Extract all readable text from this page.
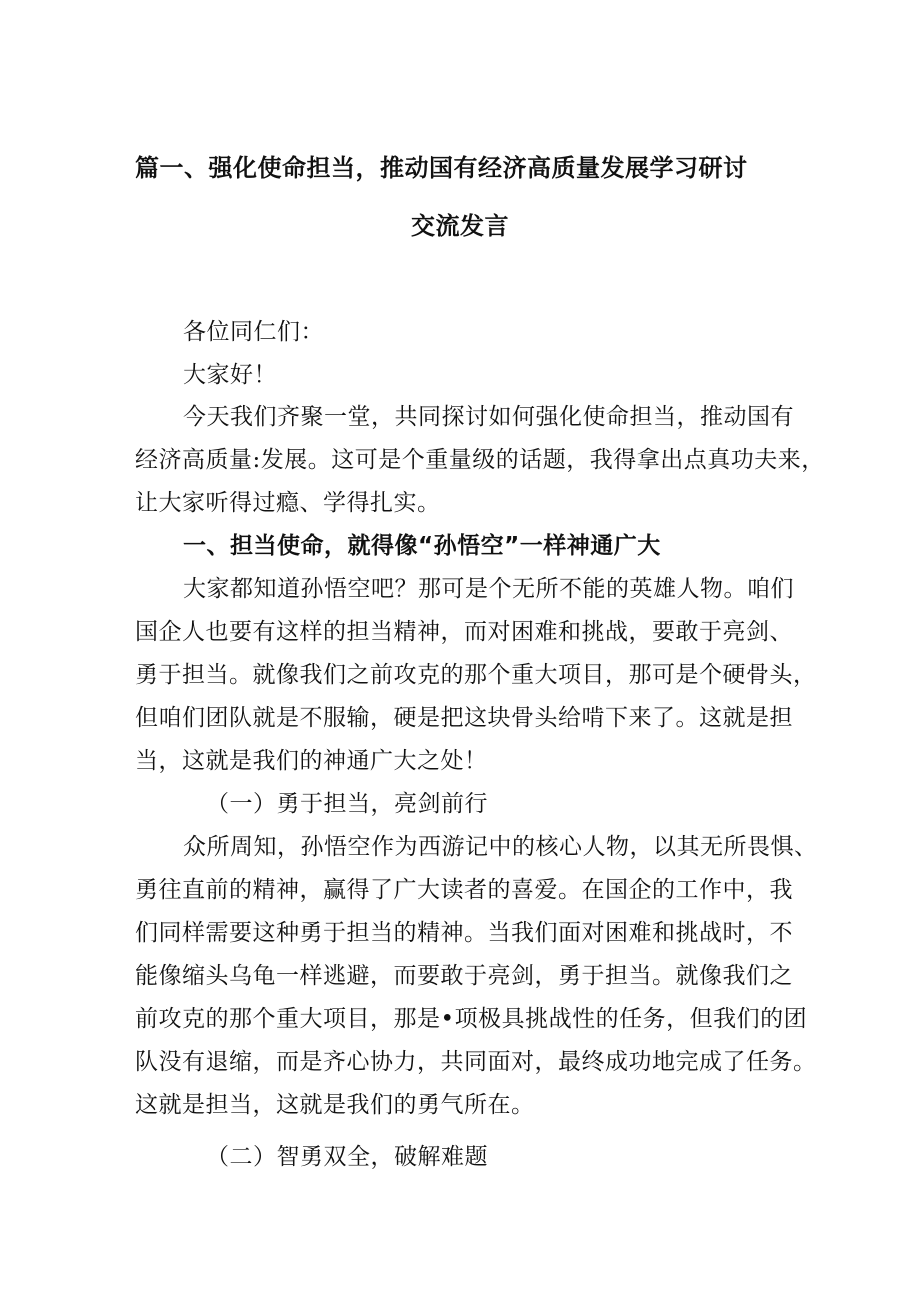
篇一、强化使命担当，推动国有经济高质量发展学习研讨
交流发言
各位同仁们：
大家好！
今天我们齐聚一堂，共同探讨如何强化使命担当，推动国有
经济高质量:发展。这可是个重量级的话题，我得拿出点真功夫来，
让大家听得过瘾、学得扎实。
一、担当使命，就得像“孙悟空”一样神通广大
大家都知道孙悟空吧？那可是个无所不能的英雄人物。咱们
国企人也要有这样的担当精神，而对困难和挑战，要敢于亮剑、
勇于担当。就像我们之前攻克的那个重大项目，那可是个硬骨头，
但咱们团队就是不服输，硬是把这块骨头给啃下来了。这就是担
当，这就是我们的神通广大之处！
（一）勇于担当，亮剑前行
众所周知，孙悟空作为西游记中的核心人物，以其无所畏惧、
勇往直前的精神，赢得了广大读者的喜爱。在国企的工作中，我
们同样需要这种勇于担当的精神。当我们面对困难和挑战时，不
能像缩头乌龟一样逃避，而要敢于亮剑，勇于担当。就像我们之
前攻克的那个重大项目，那是•项极具挑战性的任务，但我们的团
队没有退缩，而是齐心协力，共同面对，最终成功地完成了任务。
这就是担当，这就是我们的勇气所在。
（二）智勇双全，破解难题
